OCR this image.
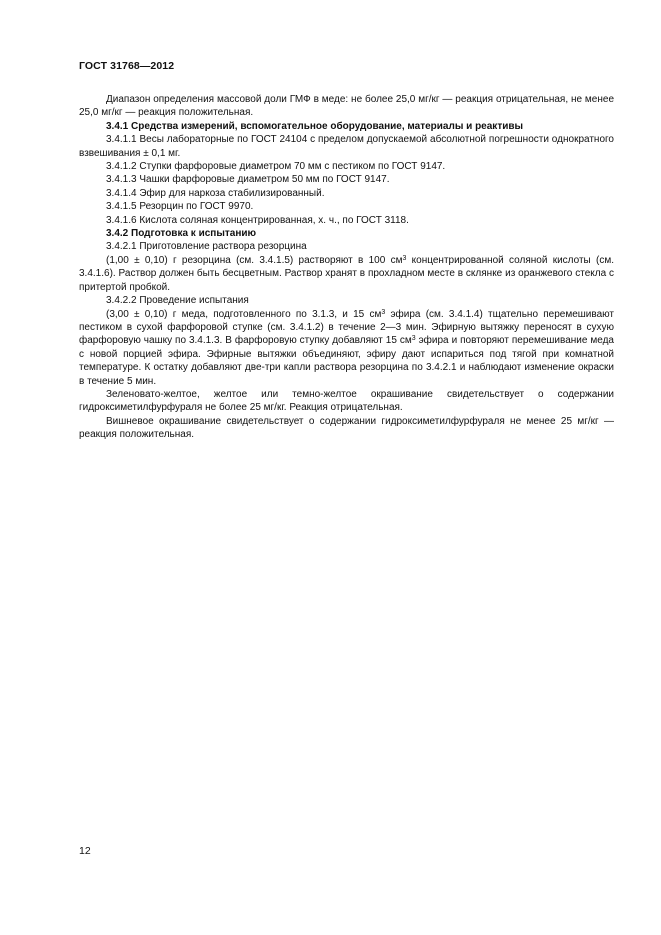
ГОСТ 31768—2012

Диапазон определения массовой доли ГМФ в меде: не более 25,0 мг/кг — реакция отрицательная, не менее 25,0 мг/кг — реакция положительная.

3.4.1 Средства измерений, вспомогательное оборудование, материалы и реактивы

3.4.1.1 Весы лабораторные по ГОСТ 24104 с пределом допускаемой абсолютной погрешности однократного взвешивания ± 0,1 мг.

3.4.1.2 Ступки фарфоровые диаметром 70 мм с пестиком по ГОСТ 9147.

3.4.1.3 Чашки фарфоровые диаметром 50 мм по ГОСТ 9147.

3.4.1.4 Эфир для наркоза стабилизированный.

3.4.1.5 Резорцин по ГОСТ 9970.

3.4.1.6 Кислота соляная концентрированная, х. ч., по ГОСТ 3118.

3.4.2 Подготовка к испытанию

3.4.2.1 Приготовление раствора резорцина

(1,00 ± 0,10) г резорцина (см. 3.4.1.5) растворяют в 100 $см^3$ концентрированной соляной кислоты (см. 3.4.1.6). Раствор должен быть бесцветным. Раствор хранят в прохладном месте в склянке из оранжевого стекла с притертой пробкой.

3.4.2.2 Проведение испытания

(3,00 ± 0,10) г меда, подготовленного по 3.1.3, и 15 $см^3$ эфира (см. 3.4.1.4) тщательно перемешивают пестиком в сухой фарфоровой ступке (см. 3.4.1.2) в течение 2—3 мин. Эфирную вытяжку переносят в сухую фарфоровую чашку по 3.4.1.3. В фарфоровую ступку добавляют 15 $см^3$ эфира и повторяют перемешивание меда с новой порцией эфира. Эфирные вытяжки объединяют, эфиру дают испариться под тягой при комнатной температуре. К остатку добавляют две-три капли раствора резорцина по 3.4.2.1 и наблюдают изменение окраски в течение 5 мин.

Зеленовато-желтое, желтое или темно-желтое окрашивание свидетельствует о содержании гидроксиметилфурфураля не более 25 мг/кг. Реакция отрицательная.

Вишневое окрашивание свидетельствует о содержании гидроксиметилфурфураля не менее 25 мг/кг — реакция положительная.

12
